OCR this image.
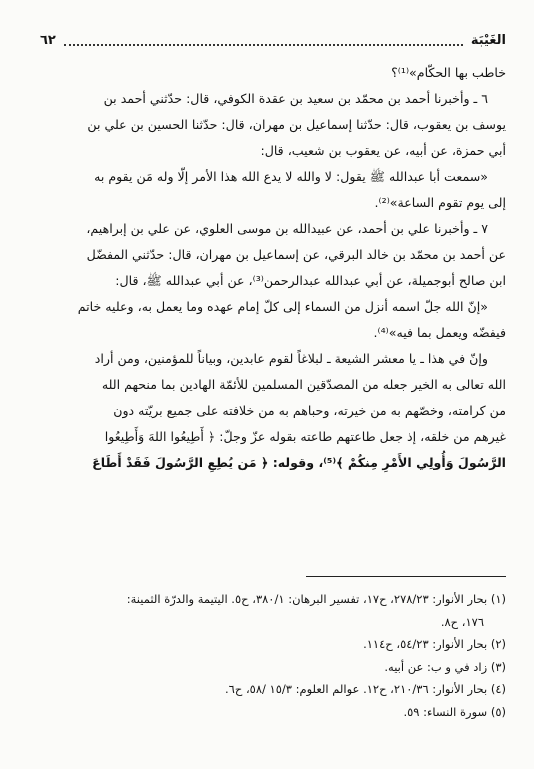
الغَيْبَة
٦٢

خاطب بها الحكّام»⁽¹⁾؟

٦ ـ وأخبرنا أحمد بن محمّد بن سعيد بن عقدة الكوفي، قال: حدّثني أحمد بن

يوسف بن يعقوب، قال: حدّثنا إسماعيل بن مهران، قال: حدّثنا الحسين بن علي بن

أبي حمزة، عن أبيه، عن يعقوب بن شعيب، قال:

«سمعت أبا عبدالله ﷺ يقول: لا والله لا يدع الله هذا الأمر إلّا وله مَن يقوم به

إلى يوم تقوم الساعة»⁽²⁾.

٧ ـ وأخبرنا علي بن أحمد، عن عبيدالله بن موسى العلوي، عن علي بن إبراهيم،

عن أحمد بن محمّد بن خالد البرقي، عن إسماعيل بن مهران، قال: حدّثني المفضّل

ابن صالح أبوجميلة، عن أبي عبدالله عبدالرحمن⁽³⁾، عن أبي عبدالله ﷺ، قال:

«إنّ الله جلّ اسمه أنزل من السماء إلى كلّ إمام عهده وما يعمل به، وعليه خاتم

فيفضّه ويعمل بما فيه»⁽⁴⁾.

وإنّ في هذا ـ يا معشر الشيعة ـ لبلاغاً لقوم عابدين، وبياناً للمؤمنين، ومن أراد

الله تعالى به الخير جعله من المصدّقين المسلمين للأئمّة الهادين بما منحهم الله

من كرامته، وخصّهم به من خيرته، وحباهم به من خلافته على جميع بريّته دون

غيرهم من خلقه، إذ جعل طاعتهم طاعته بقوله عزّ وجلّ: ﴿ أَطِيعُوا اللهَ وَأَطِيعُوا

الرَّسُولَ وَأُولِي الأَمْرِ مِنكُمْ ﴾⁽⁵⁾، وقوله: ﴿ مَن يُطِعِ الرَّسُولَ فَقَدْ أَطَاعَ

(١) بحار الأنوار: ٢٧٨/٢٣، ح١٧، تفسير البرهان: ٣٨٠/١، ح٥. اليتيمة والدرّة الثمينة:

١٧٦، ح٨.

(٢) بحار الأنوار: ٥٤/٢٣، ح١١٤.

(٣) زاد في و ب: عن أبيه.

(٤) بحار الأنوار: ٢١٠/٣٦، ح١٢. عوالم العلوم: ١٥/٣ /٥٨، ح٦.

(٥) سورة النساء: ٥٩.
